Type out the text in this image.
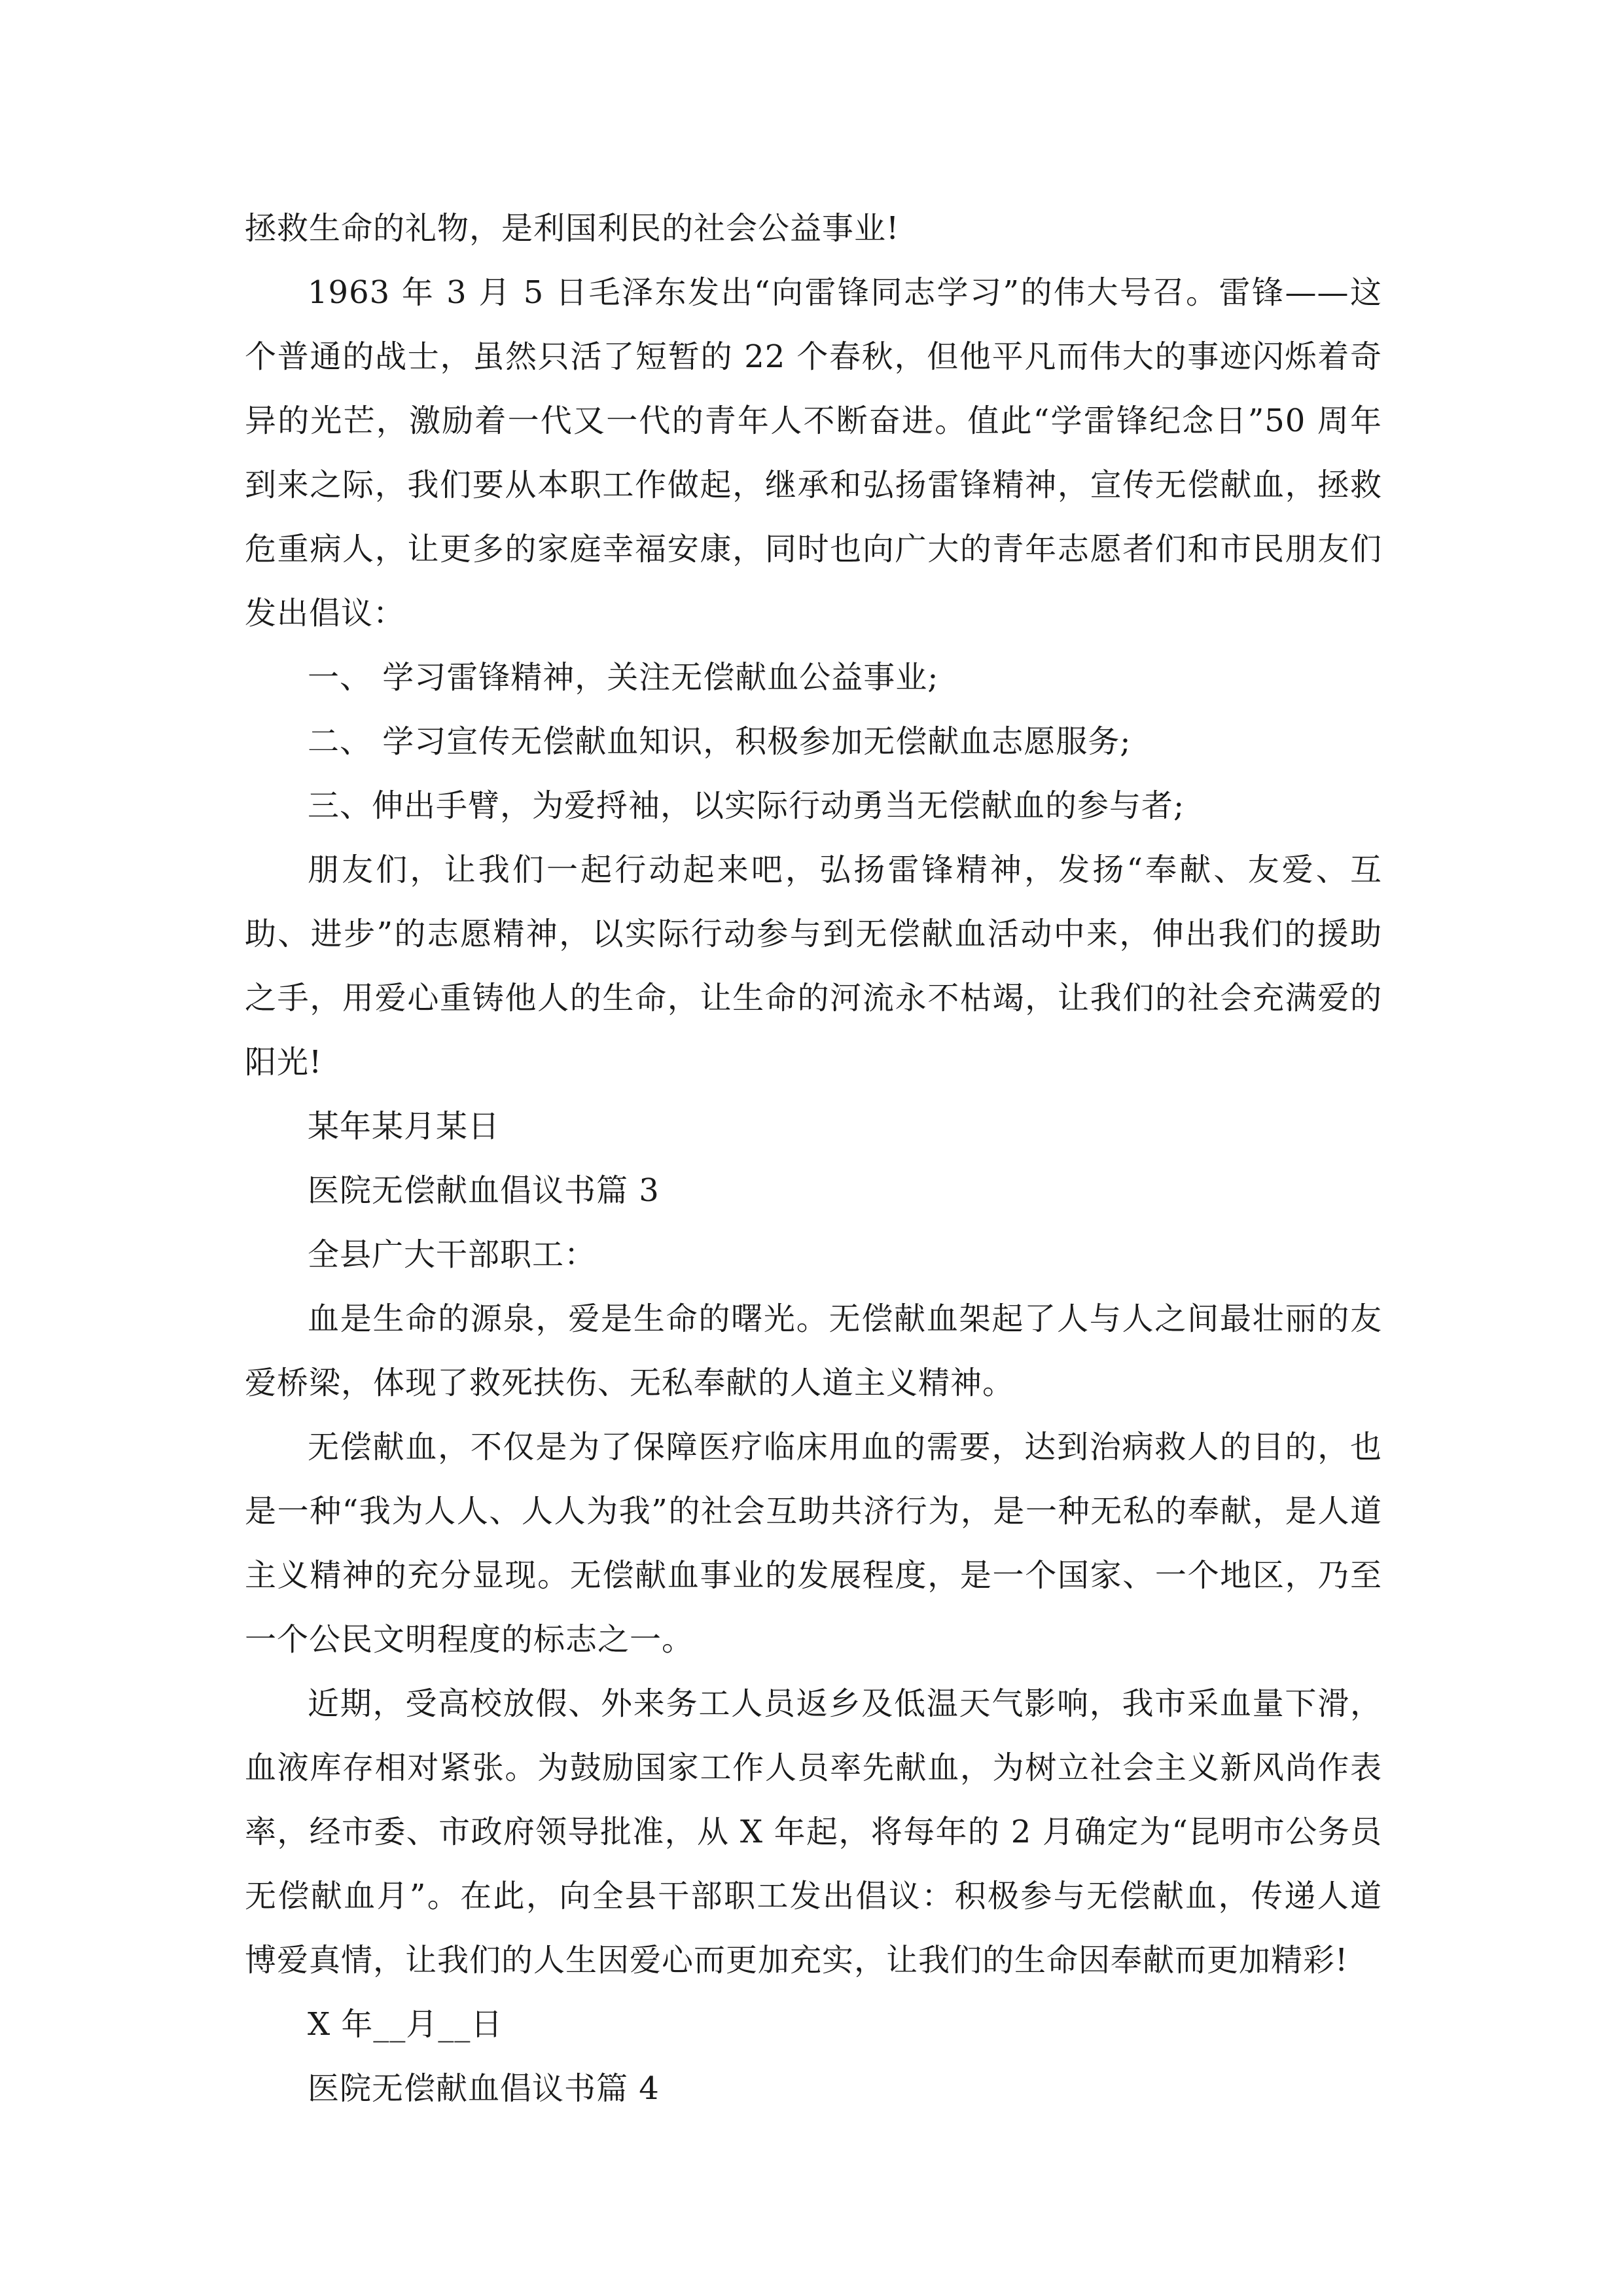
拯救生命的礼物，是利国利民的社会公益事业!

1963 年 3 月 5 日毛泽东发出“向雷锋同志学习”的伟大号召。雷锋——这个普通的战士，虽然只活了短暂的 22 个春秋，但他平凡而伟大的事迹闪烁着奇异的光芒，激励着一代又一代的青年人不断奋进。值此“学雷锋纪念日”50 周年到来之际，我们要从本职工作做起，继承和弘扬雷锋精神，宣传无偿献血，拯救危重病人，让更多的家庭幸福安康，同时也向广大的青年志愿者们和市民朋友们发出倡议：

一、 学习雷锋精神，关注无偿献血公益事业;

二、 学习宣传无偿献血知识，积极参加无偿献血志愿服务;

三、伸出手臂，为爱捋袖，以实际行动勇当无偿献血的参与者;

朋友们，让我们一起行动起来吧，弘扬雷锋精神，发扬“奉献、友爱、互助、进步”的志愿精神，以实际行动参与到无偿献血活动中来，伸出我们的援助之手，用爱心重铸他人的生命，让生命的河流永不枯竭，让我们的社会充满爱的阳光!

某年某月某日

医院无偿献血倡议书篇 3

全县广大干部职工：

血是生命的源泉，爱是生命的曙光。无偿献血架起了人与人之间最壮丽的友爱桥梁，体现了救死扶伤、无私奉献的人道主义精神。

无偿献血，不仅是为了保障医疗临床用血的需要，达到治病救人的目的，也是一种“我为人人、人人为我”的社会互助共济行为，是一种无私的奉献，是人道主义精神的充分显现。无偿献血事业的发展程度，是一个国家、一个地区，乃至一个公民文明程度的标志之一。

近期，受高校放假、外来务工人员返乡及低温天气影响，我市采血量下滑，血液库存相对紧张。为鼓励国家工作人员率先献血，为树立社会主义新风尚作表率，经市委、市政府领导批准，从 X 年起，将每年的 2 月确定为“昆明市公务员无偿献血月”。在此，向全县干部职工发出倡议：积极参与无偿献血，传递人道博爱真情，让我们的人生因爱心而更加充实，让我们的生命因奉献而更加精彩!

X 年__月__日

医院无偿献血倡议书篇 4
